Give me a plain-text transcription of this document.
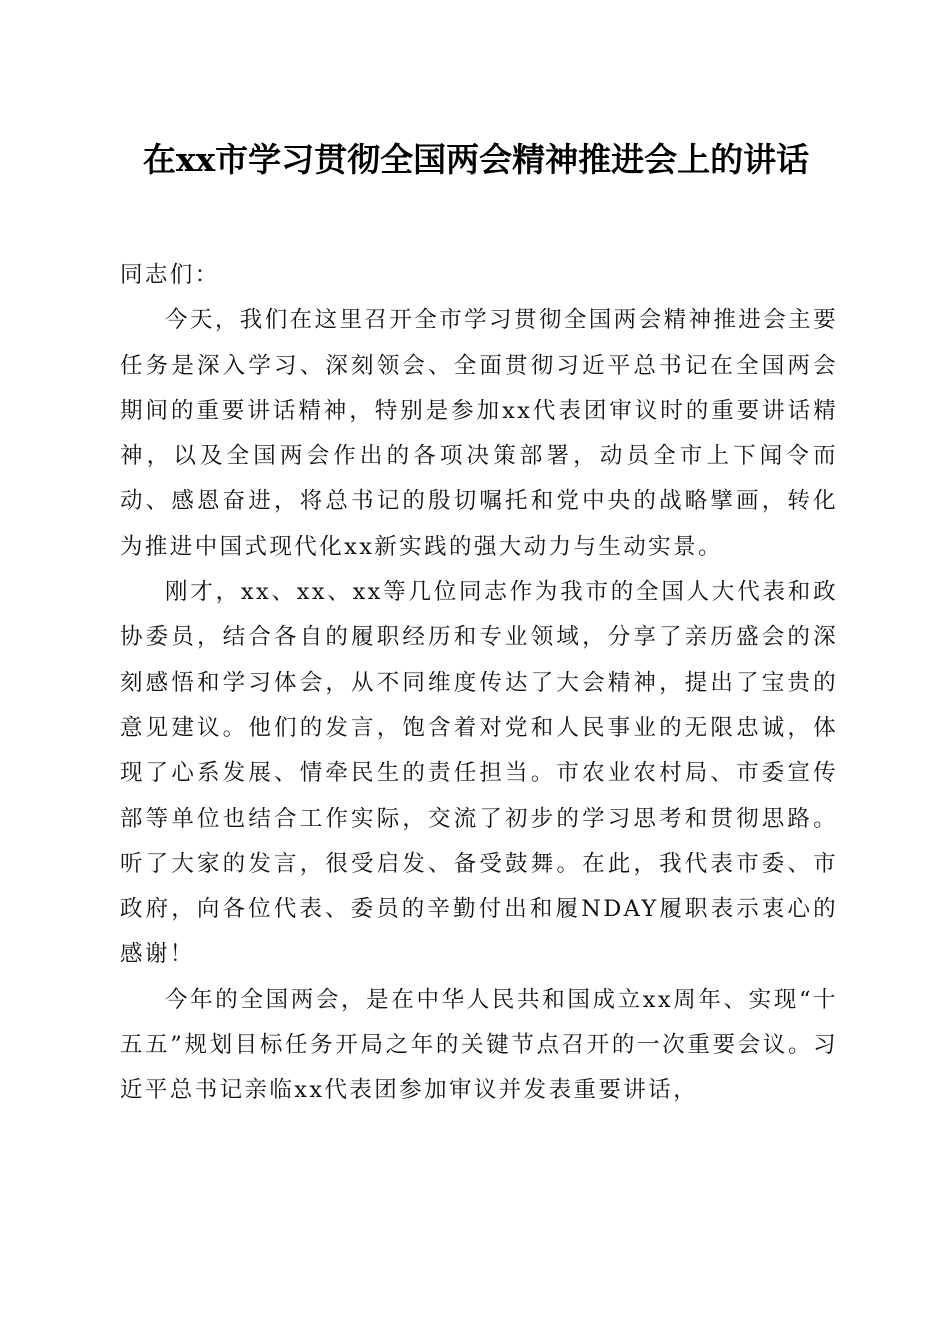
在xx市学习贯彻全国两会精神推进会上的讲话

同志们：

今天，我们在这里召开全市学习贯彻全国两会精神推进会主要任务是深入学习、深刻领会、全面贯彻习近平总书记在全国两会期间的重要讲话精神，特别是参加xx代表团审议时的重要讲话精神，以及全国两会作出的各项决策部署，动员全市上下闻令而动、感恩奋进，将总书记的殷切嘱托和党中央的战略擘画，转化为推进中国式现代化xx新实践的强大动力与生动实景。

刚才，xx、xx、xx等几位同志作为我市的全国人大代表和政协委员，结合各自的履职经历和专业领域，分享了亲历盛会的深刻感悟和学习体会，从不同维度传达了大会精神，提出了宝贵的意见建议。他们的发言，饱含着对党和人民事业的无限忠诚，体现了心系发展、情牵民生的责任担当。市农业农村局、市委宣传部等单位也结合工作实际，交流了初步的学习思考和贯彻思路。听了大家的发言，很受启发、备受鼓舞。在此，我代表市委、市政府，向各位代表、委员的辛勤付出和履NDAY履职表示衷心的感谢！

今年的全国两会，是在中华人民共和国成立xx周年、实现“十五五”规划目标任务开局之年的关键节点召开的一次重要会议。习近平总书记亲临xx代表团参加审议并发表重要讲话，
